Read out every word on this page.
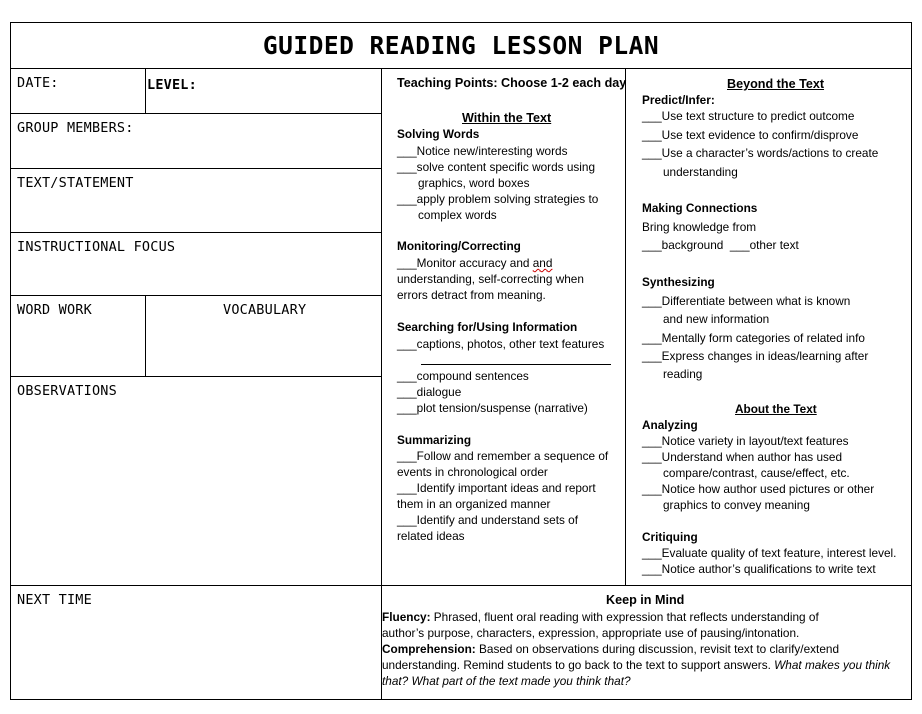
GUIDED READING LESSON PLAN
DATE:	LEVEL:
GROUP MEMBERS:
TEXT/STATEMENT
INSTRUCTIONAL FOCUS
WORD WORK	VOCABULARY
OBSERVATIONS
NEXT TIME
Teaching Points: Choose 1-2 each day
Within the Text
Solving Words
___Notice new/interesting words
___solve content specific words using
graphics, word boxes
___apply problem solving strategies to
complex words
Monitoring/Correcting
___Monitor accuracy and and
understanding, self-correcting when
errors detract from meaning.
Searching for/Using Information
___captions, photos, other text features
___compound sentences
___dialogue
___plot tension/suspense (narrative)
Summarizing
___Follow and remember a sequence of
events in chronological order
___Identify important ideas and report
them in an organized manner
___Identify and understand sets of
related ideas
Beyond the Text
Predict/Infer:
___Use text structure to predict outcome
___Use text evidence to confirm/disprove
___Use a character’s words/actions to create
understanding
Making Connections
Bring knowledge from
___background  ___other text
Synthesizing
___Differentiate between what is known
and new information
___Mentally form categories of related info
___Express changes in ideas/learning after
reading
About the Text
Analyzing
___Notice variety in layout/text features
___Understand when author has used
compare/contrast, cause/effect, etc.
___Notice how author used pictures or other
graphics to convey meaning
Critiquing
___Evaluate quality of text feature, interest level.
___Notice author’s qualifications to write text
Keep in Mind
Fluency: Phrased, fluent oral reading with expression that reflects understanding of
author’s purpose, characters, expression, appropriate use of pausing/intonation.
Comprehension: Based on observations during discussion, revisit text to clarify/extend
understanding. Remind students to go back to the text to support answers. What makes you think
that? What part of the text made you think that?
